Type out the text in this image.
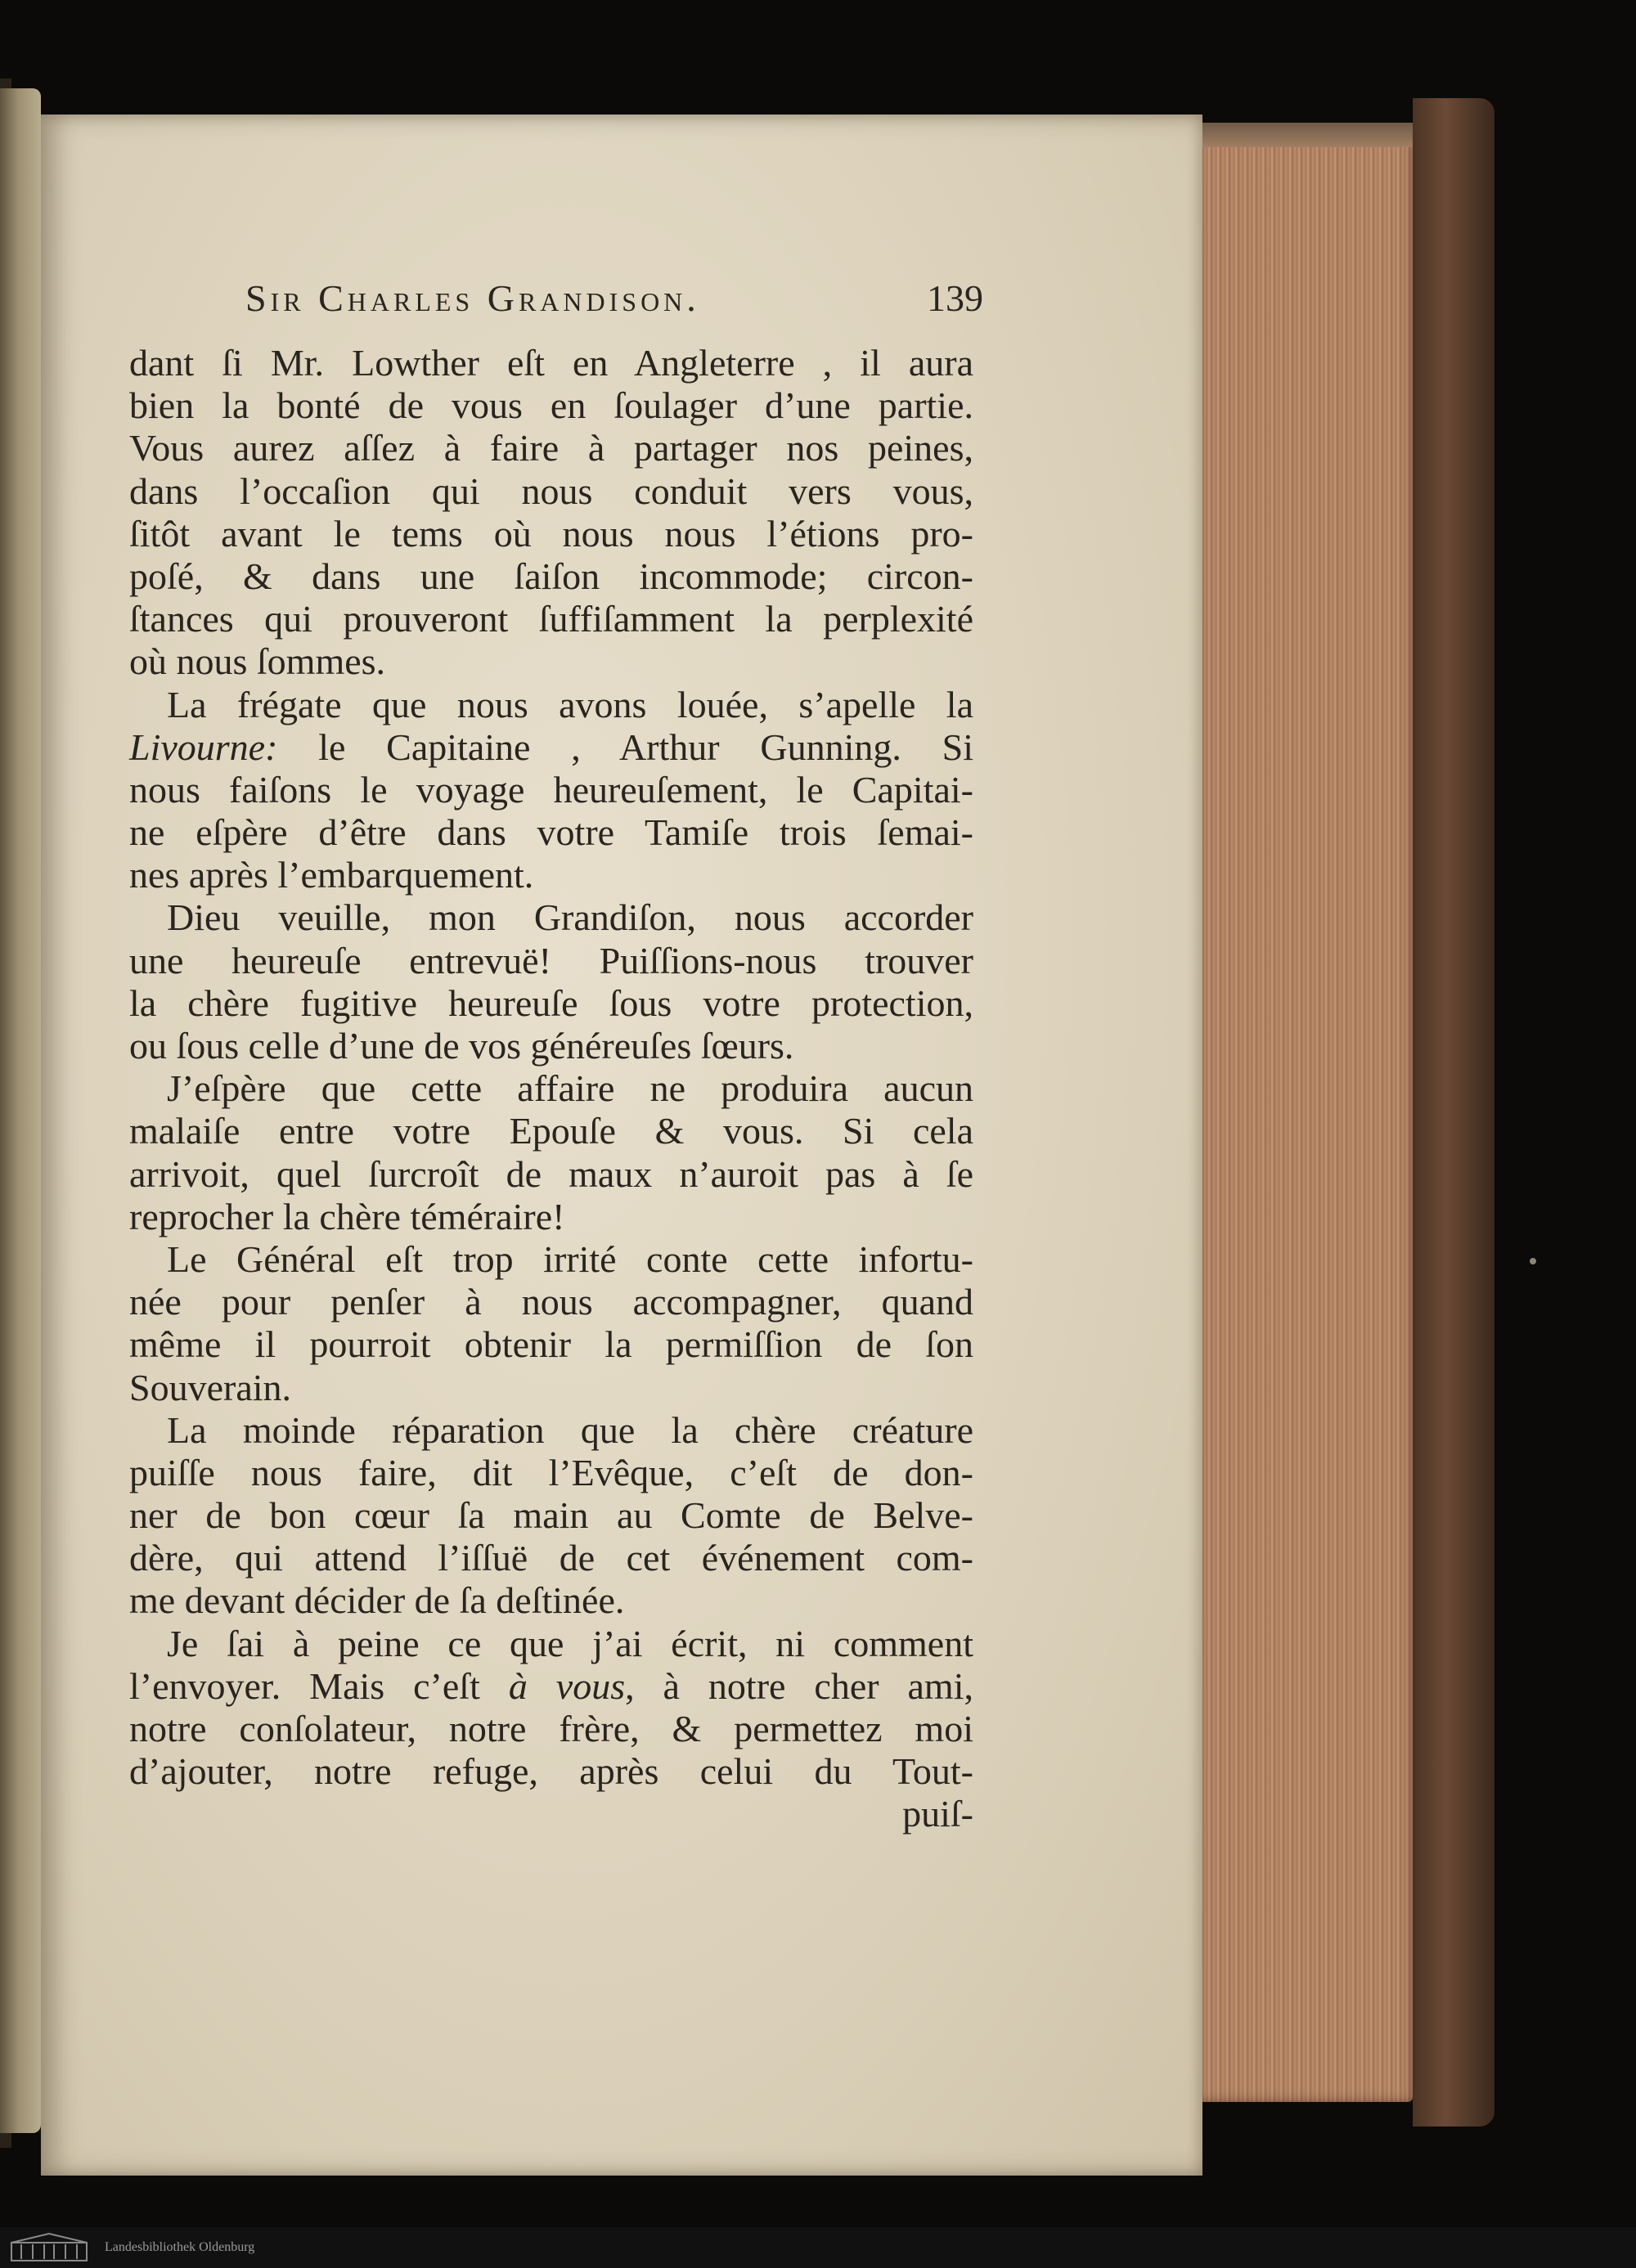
Sir Charles Grandison.	139
dant ſi Mr. Lowther eſt en Angleterre , il aura
bien la bonté de vous en ſoulager d’une partie.
Vous aurez aſſez à faire à partager nos peines,
dans l’occaſion qui nous conduit vers vous,
ſitôt avant le tems où nous nous l’étions pro-
poſé, & dans une ſaiſon incommode; circon-
ſtances qui prouveront ſuffiſamment la perplexité
où nous ſommes.
La frégate que nous avons louée, s’apelle la
Livourne: le Capitaine , Arthur Gunning. Si
nous faiſons le voyage heureuſement, le Capitai-
ne eſpère d’être dans votre Tamiſe trois ſemai-
nes après l’embarquement.
Dieu veuille, mon Grandiſon, nous accorder
une heureuſe entrevuë! Puiſſions-nous trouver
la chère fugitive heureuſe ſous votre protection,
ou ſous celle d’une de vos généreuſes ſœurs.
J’eſpère que cette affaire ne produira aucun
malaiſe entre votre Epouſe & vous. Si cela
arrivoit, quel ſurcroît de maux n’auroit pas à ſe
reprocher la chère téméraire!
Le Général eſt trop irrité conte cette infortu-
née pour penſer à nous accompagner, quand
même il pourroit obtenir la permiſſion de ſon
Souverain.
La moinde réparation que la chère créature
puiſſe nous faire, dit l’Evêque, c’eſt de don-
ner de bon cœur ſa main au Comte de Belve-
dère, qui attend l’iſſuë de cet événement com-
me devant décider de ſa deſtinée.
Je ſai à peine ce que j’ai écrit, ni comment
l’envoyer. Mais c’eſt à vous, à notre cher ami,
notre conſolateur, notre frère, & permettez moi
d’ajouter, notre refuge, après celui du Tout-
puiſ-
Landesbibliothek Oldenburg
